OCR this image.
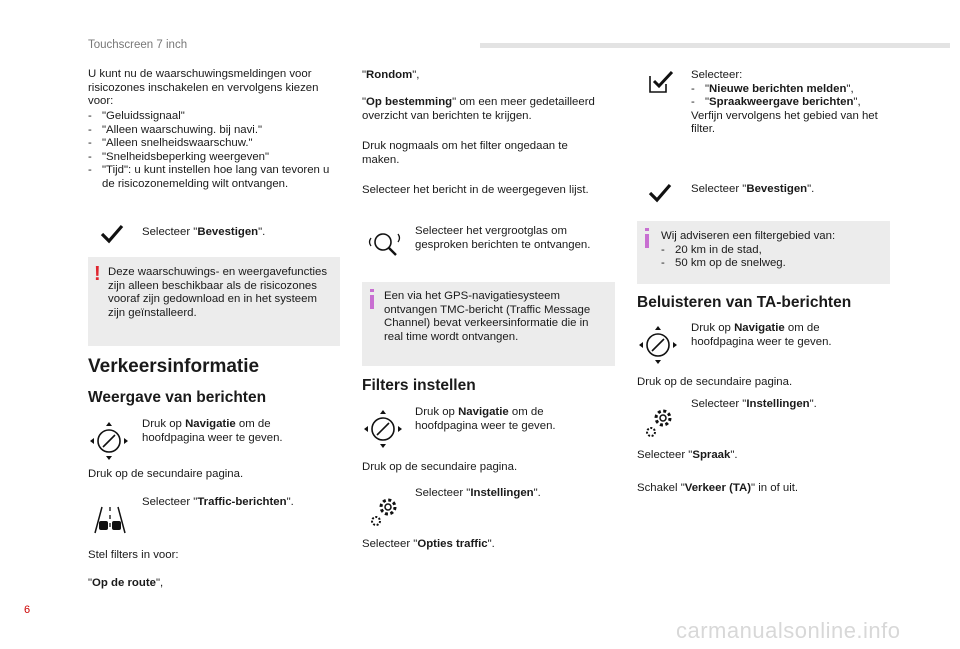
Touchscreen 7 inch
U kunt nu de waarschuwingsmeldingen voor risicozones inschakelen en vervolgens kiezen voor:
- "Geluidssignaal"
- "Alleen waarschuwing. bij navi."
- "Alleen snelheidswaarschuw."
- "Snelheidsbeperking weergeven"
- "Tijd": u kunt instellen hoe lang van tevoren u de risicozonemelding wilt ontvangen.
Selecteer "Bevestigen".
! Deze waarschuwings- en weergavefuncties zijn alleen beschikbaar als de risicozones vooraf zijn gedownload en in het systeem zijn geïnstalleerd.
Verkeersinformatie
Weergave van berichten
Druk op Navigatie om de hoofdpagina weer te geven.
Druk op de secundaire pagina.
Selecteer "Traffic-berichten".
Stel filters in voor:
"Op de route",
"Rondom",
"Op bestemming" om een meer gedetailleerd overzicht van berichten te krijgen.
Druk nogmaals om het filter ongedaan te maken.
Selecteer het bericht in de weergegeven lijst.
Selecteer het vergrootglas om gesproken berichten te ontvangen.
Een via het GPS-navigatiesysteem ontvangen TMC-bericht (Traffic Message Channel) bevat verkeersinformatie die in real time wordt ontvangen.
Filters instellen
Druk op Navigatie om de hoofdpagina weer te geven.
Druk op de secundaire pagina.
Selecteer "Instellingen".
Selecteer "Opties traffic".
Selecteer:
- "Nieuwe berichten melden",
- "Spraakweergave berichten",
Verfijn vervolgens het gebied van het filter.
Selecteer "Bevestigen".
Wij adviseren een filtergebied van:
- 20 km in de stad,
- 50 km op de snelweg.
Beluisteren van TA-berichten
Druk op Navigatie om de hoofdpagina weer te geven.
Druk op de secundaire pagina.
Selecteer "Instellingen".
Selecteer "Spraak".
Schakel "Verkeer (TA)" in of uit.
6
carmanualsonline.info
